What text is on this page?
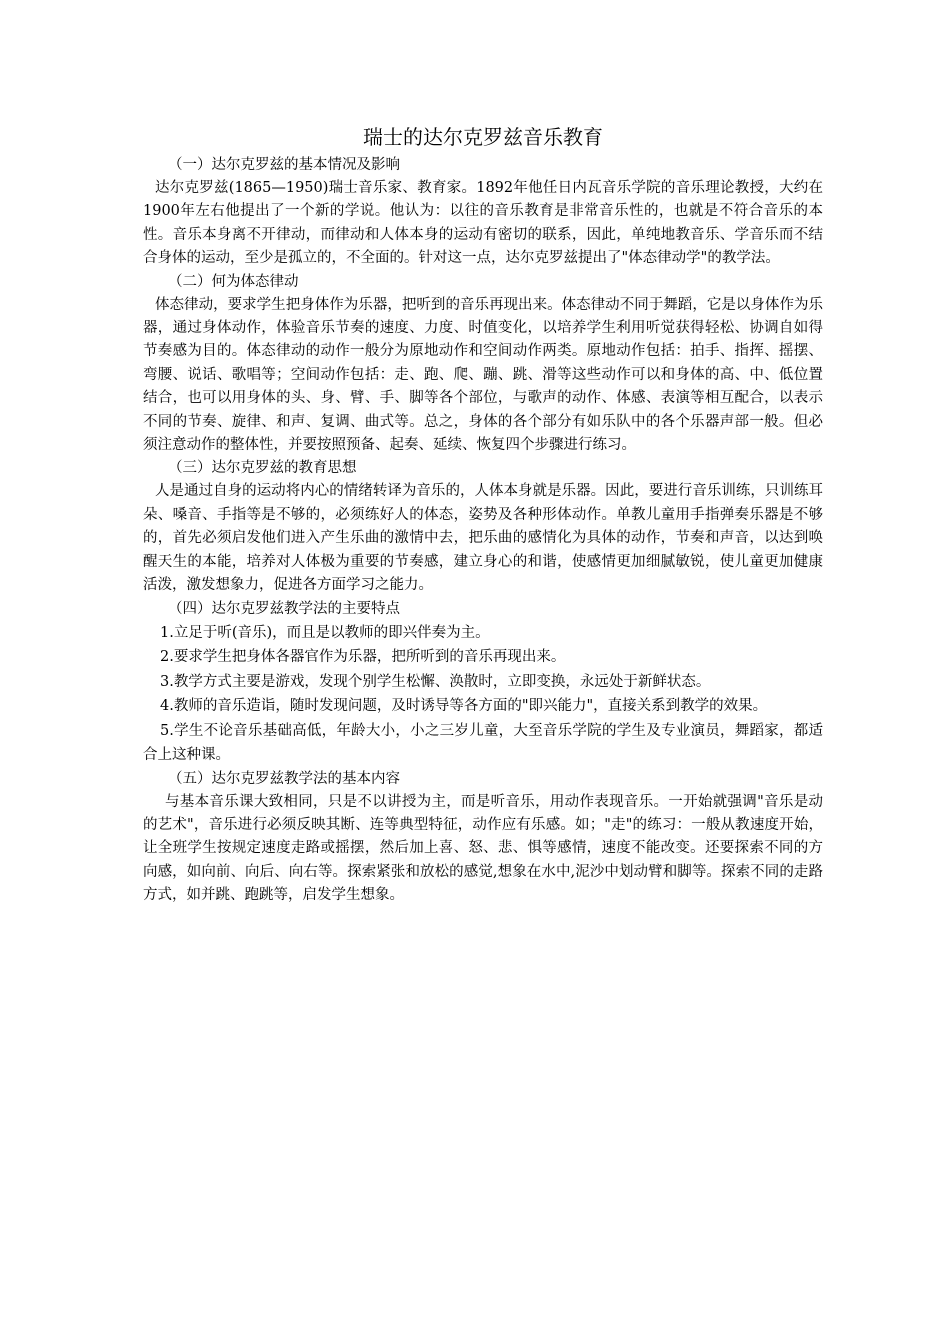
瑞士的达尔克罗兹音乐教育

（一）达尔克罗兹的基本情况及影响

达尔克罗兹(1865—1950)瑞士音乐家、教育家。1892年他任日内瓦音乐学院的音乐理论教授，大约在1900年左右他提出了一个新的学说。他认为：以往的音乐教育是非常音乐性的，也就是不符合音乐的本性。音乐本身离不开律动，而律动和人体本身的运动有密切的联系，因此，单纯地教音乐、学音乐而不结合身体的运动，至少是孤立的，不全面的。针对这一点，达尔克罗兹提出了"体态律动学"的教学法。

（二）何为体态律动

体态律动，要求学生把身体作为乐器，把听到的音乐再现出来。体态律动不同于舞蹈，它是以身体作为乐器，通过身体动作，体验音乐节奏的速度、力度、时值变化，以培养学生利用听觉获得轻松、协调自如得节奏感为目的。体态律动的动作一般分为原地动作和空间动作两类。原地动作包括：拍手、指挥、摇摆、弯腰、说话、歌唱等；空间动作包括：走、跑、爬、蹦、跳、滑等这些动作可以和身体的高、中、低位置结合，也可以用身体的头、身、臂、手、脚等各个部位，与歌声的动作、体感、表演等相互配合，以表示不同的节奏、旋律、和声、复调、曲式等。总之，身体的各个部分有如乐队中的各个乐器声部一般。但必须注意动作的整体性，并要按照预备、起奏、延续、恢复四个步骤进行练习。

（三）达尔克罗兹的教育思想

人是通过自身的运动将内心的情绪转译为音乐的，人体本身就是乐器。因此，要进行音乐训练，只训练耳朵、嗓音、手指等是不够的，必须练好人的体态，姿势及各种形体动作。单教儿童用手指弹奏乐器是不够的，首先必须启发他们进入产生乐曲的激情中去，把乐曲的感情化为具体的动作，节奏和声音，以达到唤醒天生的本能，培养对人体极为重要的节奏感，建立身心的和谐，使感情更加细腻敏锐，使儿童更加健康活泼，激发想象力，促进各方面学习之能力。

（四）达尔克罗兹教学法的主要特点

1.立足于听(音乐)，而且是以教师的即兴伴奏为主。

2.要求学生把身体各器官作为乐器，把所听到的音乐再现出来。

3.教学方式主要是游戏，发现个别学生松懈、涣散时，立即变换，永远处于新鲜状态。

4.教师的音乐造诣，随时发现问题，及时诱导等各方面的"即兴能力"，直接关系到教学的效果。

5.学生不论音乐基础高低，年龄大小，小之三岁儿童，大至音乐学院的学生及专业演员，舞蹈家，都适合上这种课。

（五）达尔克罗兹教学法的基本内容

与基本音乐课大致相同，只是不以讲授为主，而是听音乐，用动作表现音乐。一开始就强调"音乐是动的艺术"，音乐进行必须反映其断、连等典型特征，动作应有乐感。如；"走"的练习：一般从教速度开始，让全班学生按规定速度走路或摇摆，然后加上喜、怒、悲、惧等感情，速度不能改变。还要探索不同的方向感，如向前、向后、向右等。探索紧张和放松的感觉,想象在水中,泥沙中划动臂和脚等。探索不同的走路方式，如并跳、跑跳等，启发学生想象。
